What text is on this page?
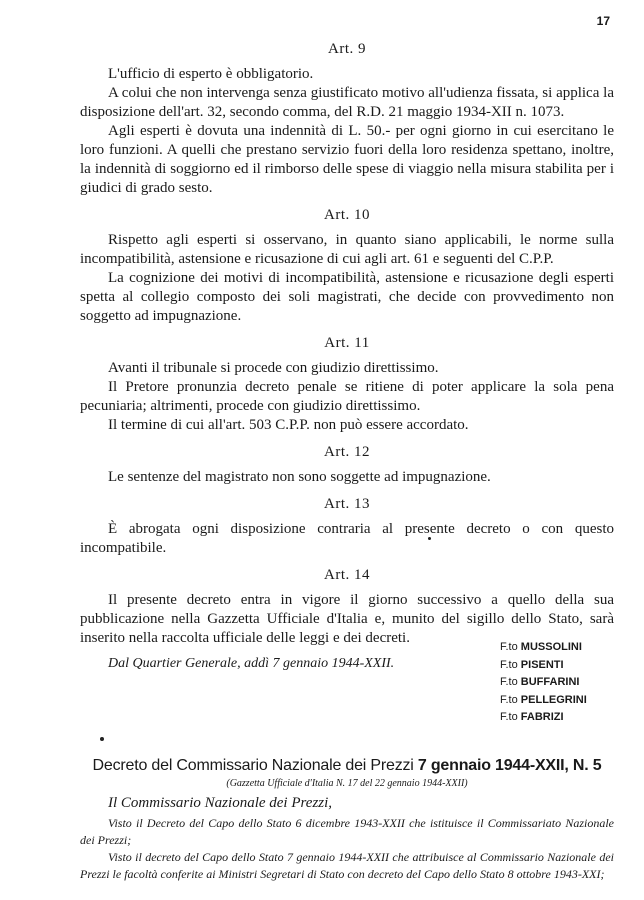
17
Art. 9

L'ufficio di esperto è obbligatorio.

A colui che non intervenga senza giustificato motivo all'udienza fissata, si applica la disposizione dell'art. 32, secondo comma, del R.D. 21 maggio 1934-XII n. 1073.

Agli esperti è dovuta una indennità di L. 50.- per ogni giorno in cui esercitano le loro funzioni. A quelli che prestano servizio fuori della loro residenza spettano, inoltre, la indennità di soggiorno ed il rimborso delle spese di viaggio nella misura stabilita per i giudici di grado sesto.

Art. 10

Rispetto agli esperti si osservano, in quanto siano applicabili, le norme sulla incompatibilità, astensione e ricusazione di cui agli art. 61 e seguenti del C.P.P.

La cognizione dei motivi di incompatibilità, astensione e ricusazione degli esperti spetta al collegio composto dei soli magistrati, che decide con provvedimento non soggetto ad impugnazione.

Art. 11

Avanti il tribunale si procede con giudizio direttissimo.

Il Pretore pronunzia decreto penale se ritiene di poter applicare la sola pena pecuniaria; altrimenti, procede con giudizio direttissimo.

Il termine di cui all'art. 503 C.P.P. non può essere accordato.

Art. 12

Le sentenze del magistrato non sono soggette ad impugnazione.

Art. 13

È abrogata ogni disposizione contraria al presente decreto o con questo incompatibile.

Art. 14

Il presente decreto entra in vigore il giorno successivo a quello della sua pubblicazione nella Gazzetta Ufficiale d'Italia e, munito del sigillo dello Stato, sarà inserito nella raccolta ufficiale delle leggi e dei decreti.

Dal Quartier Generale, addì 7 gennaio 1944-XXII.

F.to MUSSOLINI
F.to PISENTI
F.to BUFFARINI
F.to PELLEGRINI
F.to FABRIZI
Decreto del Commissario Nazionale dei Prezzi 7 gennaio 1944-XXII, N. 5
(Gazzetta Ufficiale d'Italia N. 17 del 22 gennaio 1944-XXII)

Il Commissario Nazionale dei Prezzi,

Visto il Decreto del Capo dello Stato 6 dicembre 1943-XXII che istituisce il Commissariato Nazionale dei Prezzi;

Visto il decreto del Capo dello Stato 7 gennaio 1944-XXII che attribuisce al Commissario Nazionale dei Prezzi le facoltà conferite ai Ministri Segretari di Stato con decreto del Capo dello Stato 8 ottobre 1943-XXI;
